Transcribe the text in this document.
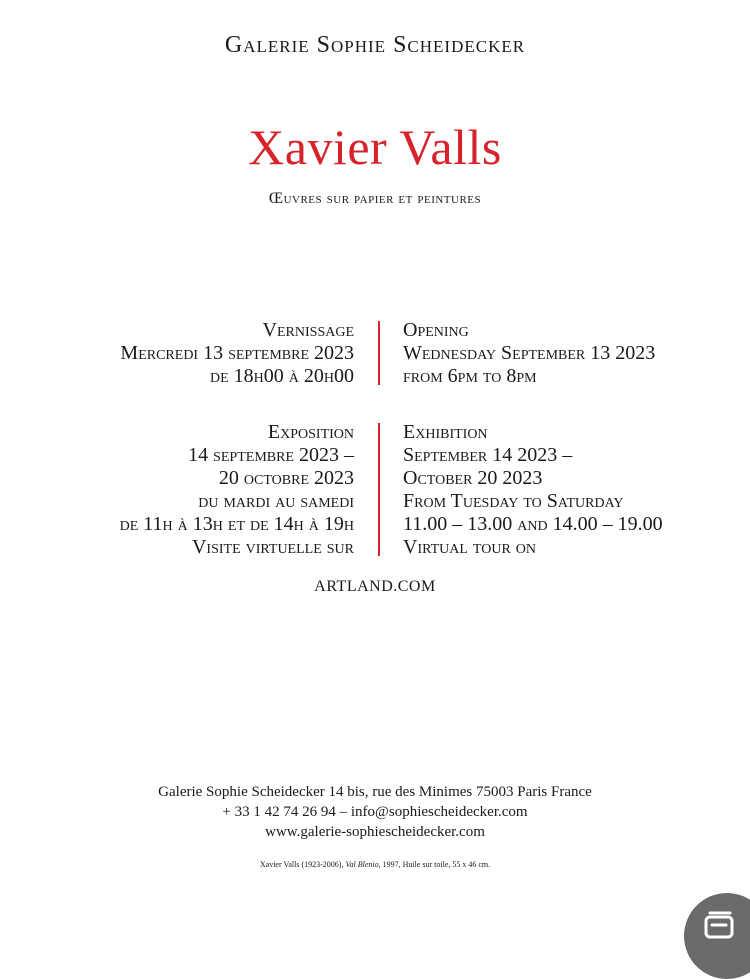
Galerie Sophie Scheidecker
Xavier Valls
Œuvres sur papier et peintures
Vernissage
Mercredi 13 septembre 2023
de 18h00 à 20h00
Opening
Wednesday September 13 2023
from 6pm to 8pm
Exposition
14 septembre 2023 –
20 octobre 2023
du mardi au samedi
de 11h à 13h et de 14h à 19h
Visite virtuelle sur
Exhibition
September 14 2023 –
October 20 2023
From Tuesday to Saturday
11.00 – 13.00 and 14.00 – 19.00
Virtual tour on
ARTLAND.COM
Galerie Sophie Scheidecker 14 bis, rue des Minimes 75003 Paris France
+ 33 1 42 74 26 94 – info@sophiescheidecker.com
www.galerie-sophiescheidecker.com
Xavier Valls (1923-2006), Val Blenio, 1997, Huile sur toile, 55 x 46 cm.
